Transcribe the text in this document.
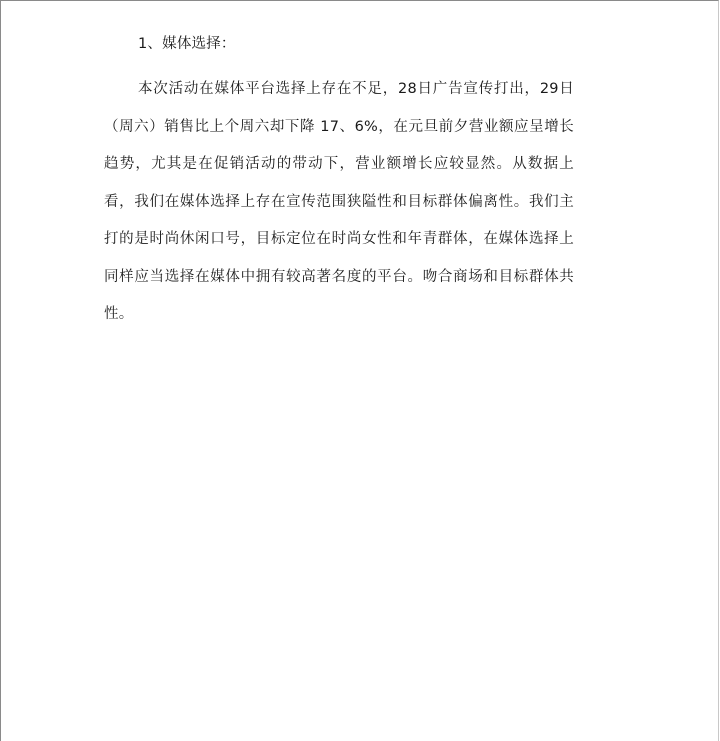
1、媒体选择：
本次活动在媒体平台选择上存在不足，28日广告宣传打出，29日（周六）销售比上个周六却下降 17、6%，在元旦前夕营业额应呈增长趋势，尤其是在促销活动的带动下，营业额增长应较显然。从数据上看，我们在媒体选择上存在宣传范围狭隘性和目标群体偏离性。我们主打的是时尚休闲口号，目标定位在时尚女性和年青群体，在媒体选择上同样应当选择在媒体中拥有较高著名度的平台。吻合商场和目标群体共性。
